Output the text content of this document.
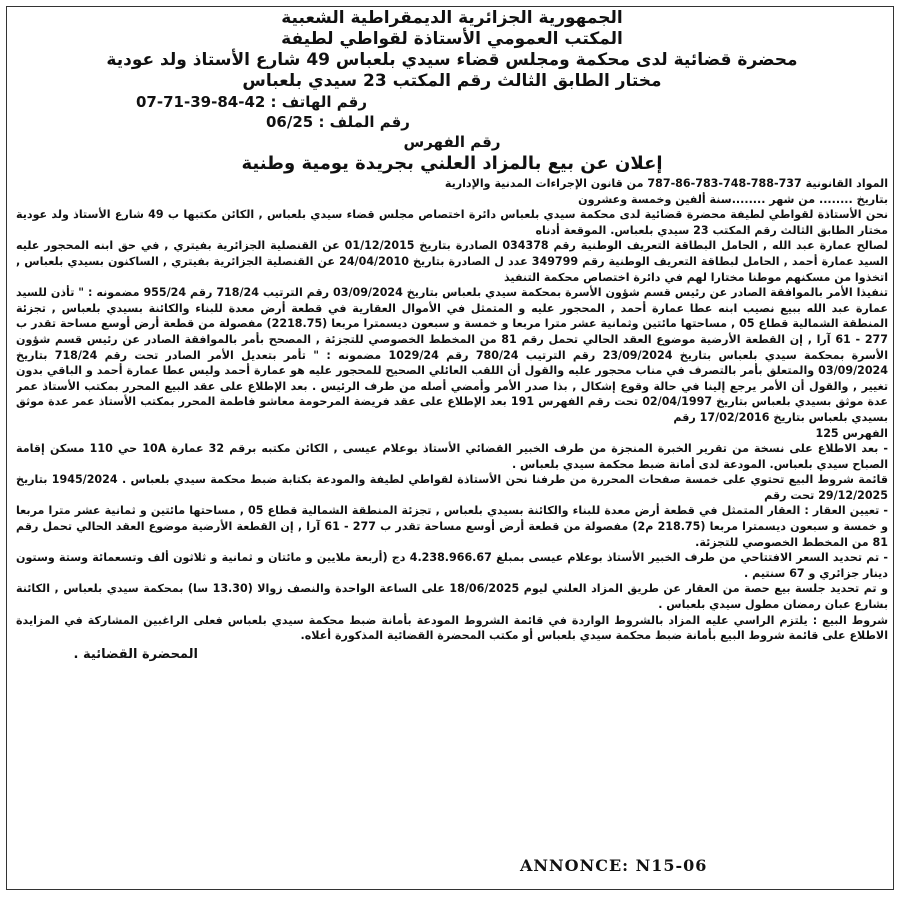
الجمهورية الجزائرية الديمقراطية الشعبية

المكتب العمومي الأستاذة لقواطي لطيفة

محضرة قضائية لدى محكمة ومجلس قضاء سيدي بلعباس 49 شارع الأستاذ ولد عودية

مختار الطابق الثالث رقم المكتب 23 سيدي بلعباس

رقم الهاتف : 42-84-39-71-07

رقم الملف : 06/25

رقم الفهرس

إعلان عن بيع بالمزاد العلني بجريدة يومية وطنية

المواد القانونية 737-788-748-783-86-787 من قانون الإجراءات المدنية والإدارية

بتاريخ ........ من شهر ........سنة ألفين وخمسة وعشرون

نحن الأستاذة لقواطي لطيفة محضرة قضائية لدى محكمة سيدي بلعباس دائرة اختصاص مجلس قضاء سيدي بلعباس , الكائن مكتبها ب 49 شارع الأستاذ ولد عودية مختار الطابق الثالث رقم المكتب 23 سيدي بلعباس. الموقعة أدناه

لصالح عمارة عبد الله , الحامل البطاقة التعريف الوطنية رقم 034378 الصادرة بتاريخ 01/12/2015 عن القنصلية الجزائرية بفيتري , في حق ابنه المحجور عليه السيد عمارة أحمد , الحامل لبطاقة التعريف الوطنية رقم 349799 عدد ل الصادرة بتاريخ 24/04/2010 عن القنصلية الجزائرية بفيتري , الساكنون بسيدي بلعباس , اتخذوا من مسكنهم موطنا مختارا لهم في دائرة اختصاص محكمة التنفيذ

تنفيذا الأمر بالموافقة الصادر عن رئيس قسم شؤون الأسرة بمحكمة سيدي بلعباس بتاريخ 03/09/2024 رقم الترتيب 718/24 رقم 955/24 مضمونه : " تأذن للسيد عمارة عبد الله ببيع نصيب ابنه عطا عمارة أحمد , المحجور عليه و المتمثل في الأموال العقارية في قطعة أرض معدة للبناء والكائنة بسيدي بلعباس , تجزئة المنطقة الشمالية قطاع 05 , مساحتها مائتين وثمانية عشر مترا مربعا و خمسة و سبعون ديسمترا مربعا (2218.75) مفصولة من قطعة أرض أوسع مساحة تقدر ب 277 - 61 آرا , إن القطعة الأرضية موضوع العقد الحالي تحمل رقم 81 من المخطط الخصوصي للتجزئة , المصحح بأمر بالموافقة الصادر عن رئيس قسم شؤون الأسرة بمحكمة سيدي بلعباس بتاريخ 23/09/2024 رقم الترتيب 780/24 رقم 1029/24 مضمونه : " تأمر بتعديل الأمر الصادر تحت رقم 718/24 بتاريخ 03/09/2024 والمتعلق بأمر بالتصرف في مناب محجور عليه والقول أن اللقب العائلي الصحيح للمحجور عليه هو عمارة أحمد وليس عطا عمارة أحمد و الباقي بدون تغيير , والقول أن الأمر يرجع إلينا في حالة وقوع إشكال , بذا صدر الأمر وأمضي أصله من طرف الرئيس . بعد الإطلاع على عقد البيع المحرر بمكتب الأستاذ عمر عدة موثق بسيدي بلعباس بتاريخ 02/04/1997 تحت رقم الفهرس 191 بعد الإطلاع على عقد فريضة المرحومة معاشو فاطمة المحرر بمكتب الأستاذ عمر عدة موثق بسيدي بلعباس بتاريخ 17/02/2016 رقم

الفهرس 125

- بعد الاطلاع على نسخة من تقرير الخبرة المنجزة من طرف الخبير القضائي الأستاذ بوعلام عيسى , الكائن مكتبه برقم 32 عمارة 10A حي 110 مسكن إقامة الصباح سيدي بلعباس. المودعة لدى أمانة ضبط محكمة سيدي بلعباس .

قائمة شروط البيع تحتوي على خمسة صفحات المحررة من طرفنا نحن الأستاذة لقواطي لطيفة والمودعة بكتابة ضبط محكمة سيدي بلعباس . 1945/2024 بتاريخ 29/12/2025 تحت رقم

- تعيين العقار : العقار المتمثل في قطعة أرض معدة للبناء والكائنة بسيدي بلعباس , تجزئة المنطقة الشمالية قطاع 05 , مساحتها مائتين و ثمانية عشر مترا مربعا و خمسة و سبعون ديسمترا مربعا (218.75 م2) مفصولة من قطعة أرض أوسع مساحة تقدر ب 277 - 61 آرا , إن القطعة الأرضية موضوع العقد الحالي تحمل رقم 81 من المخطط الخصوصي للتجزئة.

- تم تحديد السعر الافتتاحي من طرف الخبير الأستاذ بوعلام عيسى بمبلغ 4.238.966.67 دج (أربعة ملايين و مائتان و ثمانية و ثلاثون ألف وتسعمائة وستة وستون دينار جزائري و 67 سنتيم .

و تم تحديد جلسة بيع حصة من العقار عن طريق المزاد العلني ليوم 18/06/2025 على الساعة الواحدة والنصف زوالا (13.30 سا) بمحكمة سيدي بلعباس , الكائنة بشارع عبان رمضان مطول سيدي بلعباس .

شروط البيع : يلتزم الراسي عليه المزاد بالشروط الواردة في قائمة الشروط المودعة بأمانة ضبط محكمة سيدي بلعباس فعلى الراغبين المشاركة في المزايدة الاطلاع على قائمة شروط البيع بأمانة ضبط محكمة سيدي بلعباس أو مكتب المحضرة القضائية المذكورة أعلاه.

المحضرة القضائية .

ANNONCE: N15-06
